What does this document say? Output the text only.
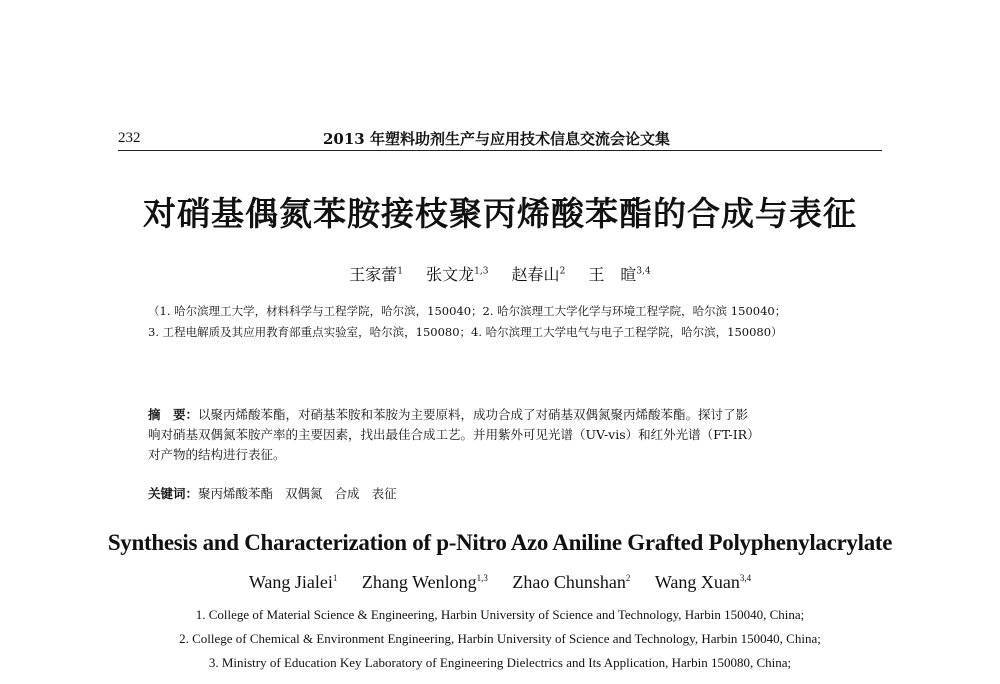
232	2013 年塑料助剂生产与应用技术信息交流会论文集
对硝基偶氮苯胺接枝聚丙烯酸苯酯的合成与表征
王家蕾$^1$ 张文龙$^{1,3}$ 赵春山$^2$ 王　暄$^{3,4}$
（1. 哈尔滨理工大学，材料科学与工程学院，哈尔滨，150040；2. 哈尔滨理工大学化学与环境工程学院，哈尔滨 150040；
3. 工程电解质及其应用教育部重点实验室，哈尔滨，150080；4. 哈尔滨理工大学电气与电子工程学院，哈尔滨，150080）
摘　要：以聚丙烯酸苯酯，对硝基苯胺和苯胺为主要原料，成功合成了对硝基双偶氮聚丙烯酸苯酯。探讨了影
响对硝基双偶氮苯胺产率的主要因素，找出最佳合成工艺。并用紫外可见光谱（UV-vis）和红外光谱（FT-IR）
对产物的结构进行表征。
关键词：聚丙烯酸苯酯 双偶氮 合成 表征
Synthesis and Characterization of p-Nitro Azo Aniline Grafted Polyphenylacrylate
Wang Jialei$^1$ Zhang Wenlong$^{1,3}$ Zhao Chunshan$^2$ Wang Xuan$^{3,4}$
1. College of Material Science & Engineering, Harbin University of Science and Technology, Harbin 150040, China;
2. College of Chemical & Environment Engineering, Harbin University of Science and Technology, Harbin 150040, China;
3. Ministry of Education Key Laboratory of Engineering Dielectrics and Its Application, Harbin 150080, China;
